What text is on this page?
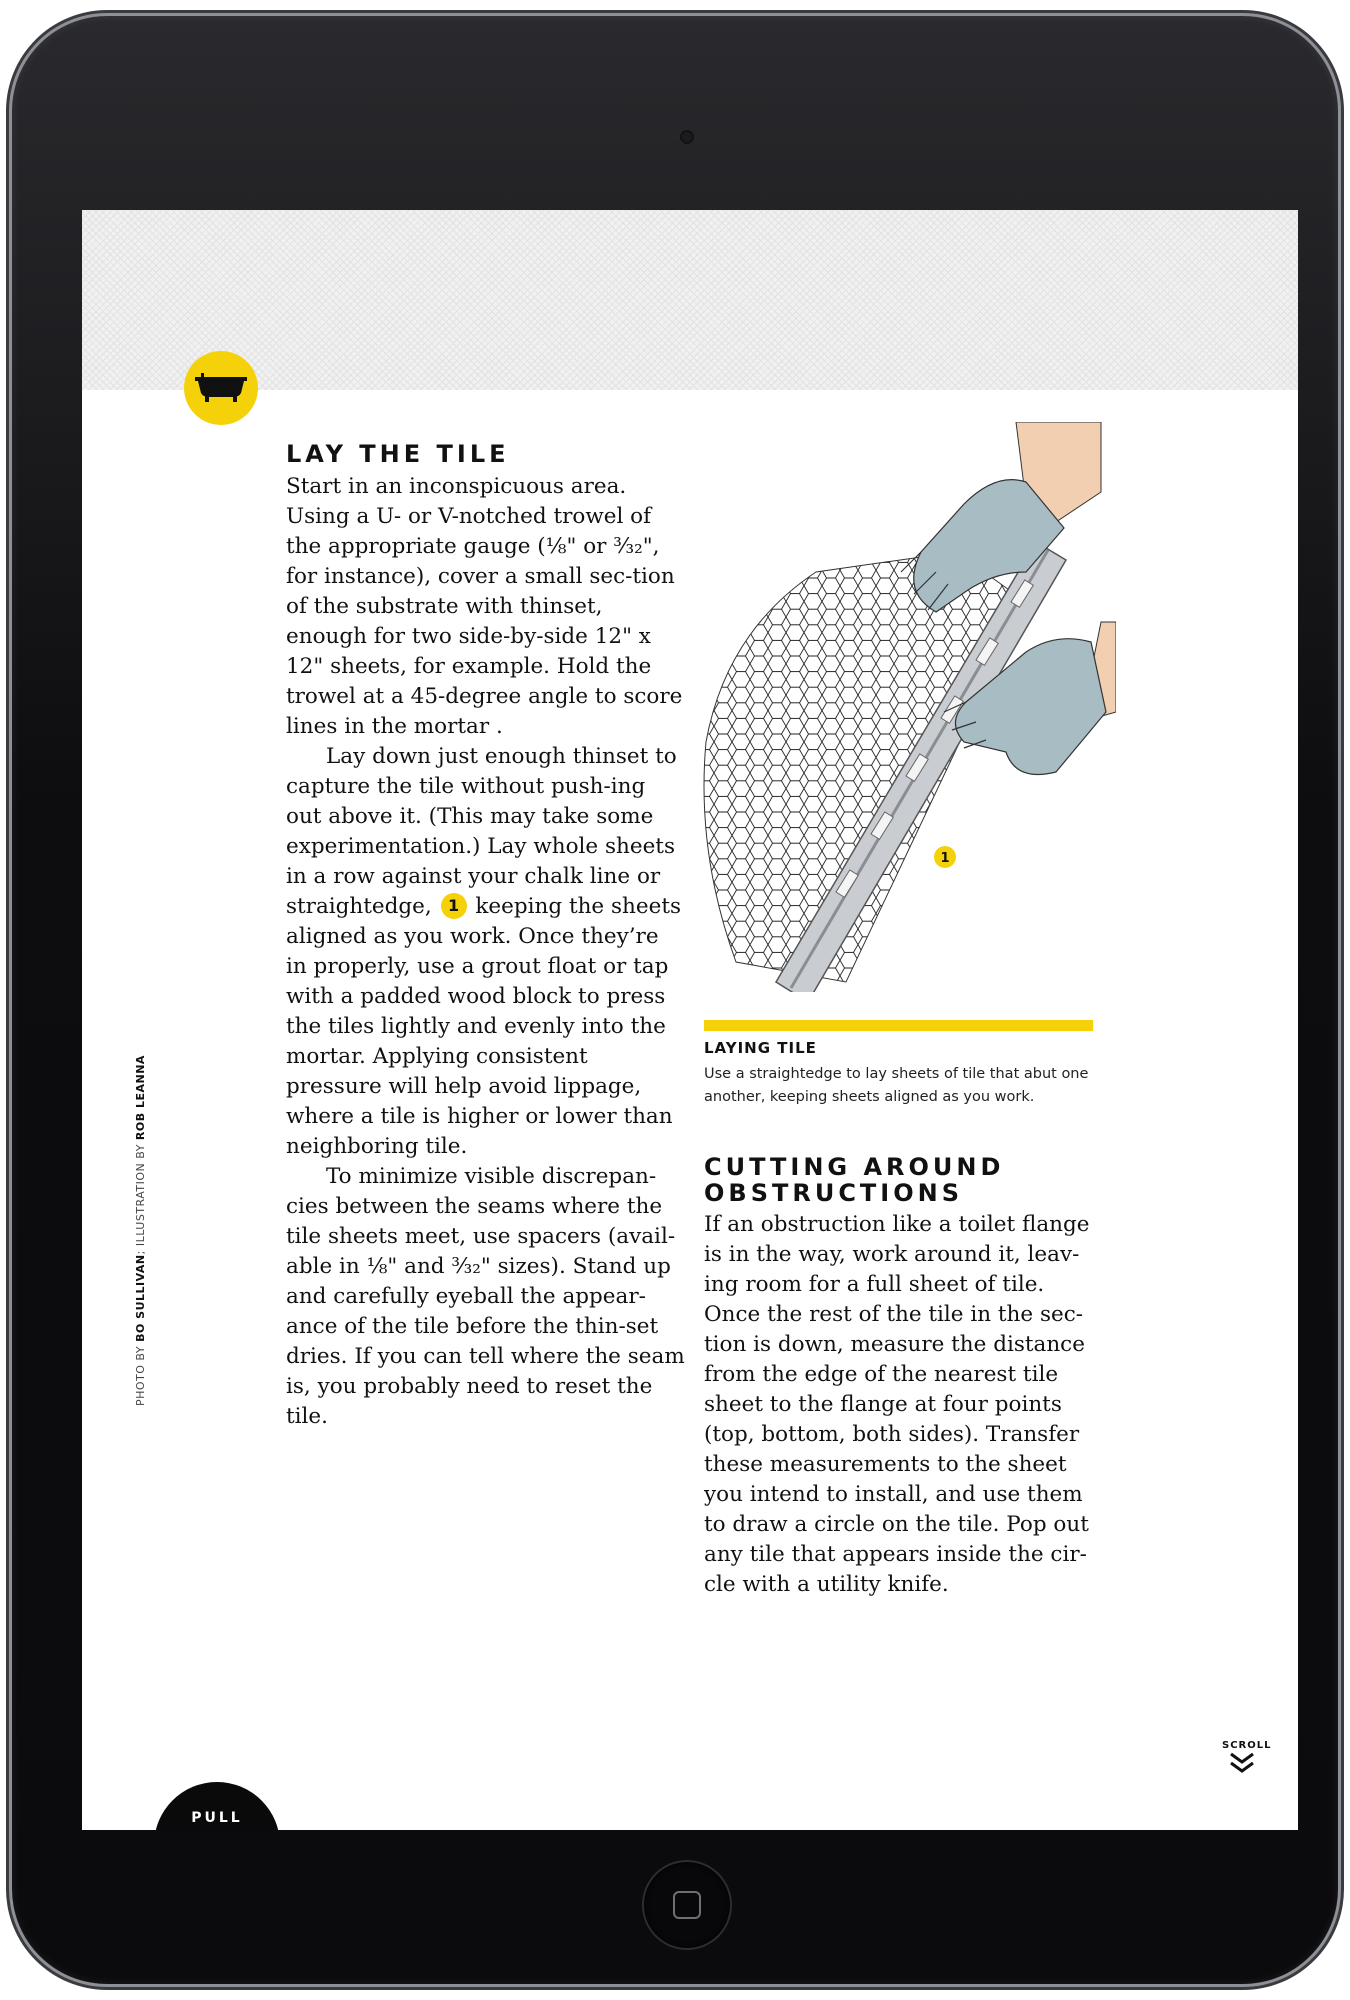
LAY THE TILE

Start in an inconspicuous area. Using a U- or V-notched trowel of the appropriate gauge (⅛" or ³⁄₃₂", for instance), cover a small sec-tion of the substrate with thinset, enough for two side-by-side 12" x 12" sheets, for example. Hold the trowel at a 45-degree angle to score lines in the mortar .

Lay down just enough thinset to capture the tile without push-ing out above it. (This may take some experimentation.) Lay whole sheets in a row against your chalk line or straightedge, 1 keeping the sheets aligned as you work. Once they’re in properly, use a grout float or tap with a padded wood block to press the tiles lightly and evenly into the mortar. Applying consistent pressure will help avoid lippage, where a tile is higher or lower than neighboring tile.

To minimize visible discrepan-cies between the seams where the tile sheets meet, use spacers (avail-able in ⅛" and ³⁄₃₂" sizes). Stand up and carefully eyeball the appear-ance of the tile before the thin-set dries. If you can tell where the seam is, you probably need to reset the tile.

1
LAYING TILE
Use a straightedge to lay sheets of tile that abut one another, keeping sheets aligned as you work.
CUTTING AROUND OBSTRUCTIONS

If an obstruction like a toilet flange is in the way, work around it, leav-ing room for a full sheet of tile. Once the rest of the tile in the sec-tion is down, measure the distance from the edge of the nearest tile sheet to the flange at four points (top, bottom, both sides). Transfer these measurements to the sheet you intend to install, and use them to draw a circle on the tile. Pop out any tile that appears inside the cir-cle with a utility knife.

PHOTO BY BO SULLIVAN; ILLUSTRATION BY ROB LEANNA
SCROLL
PULL
